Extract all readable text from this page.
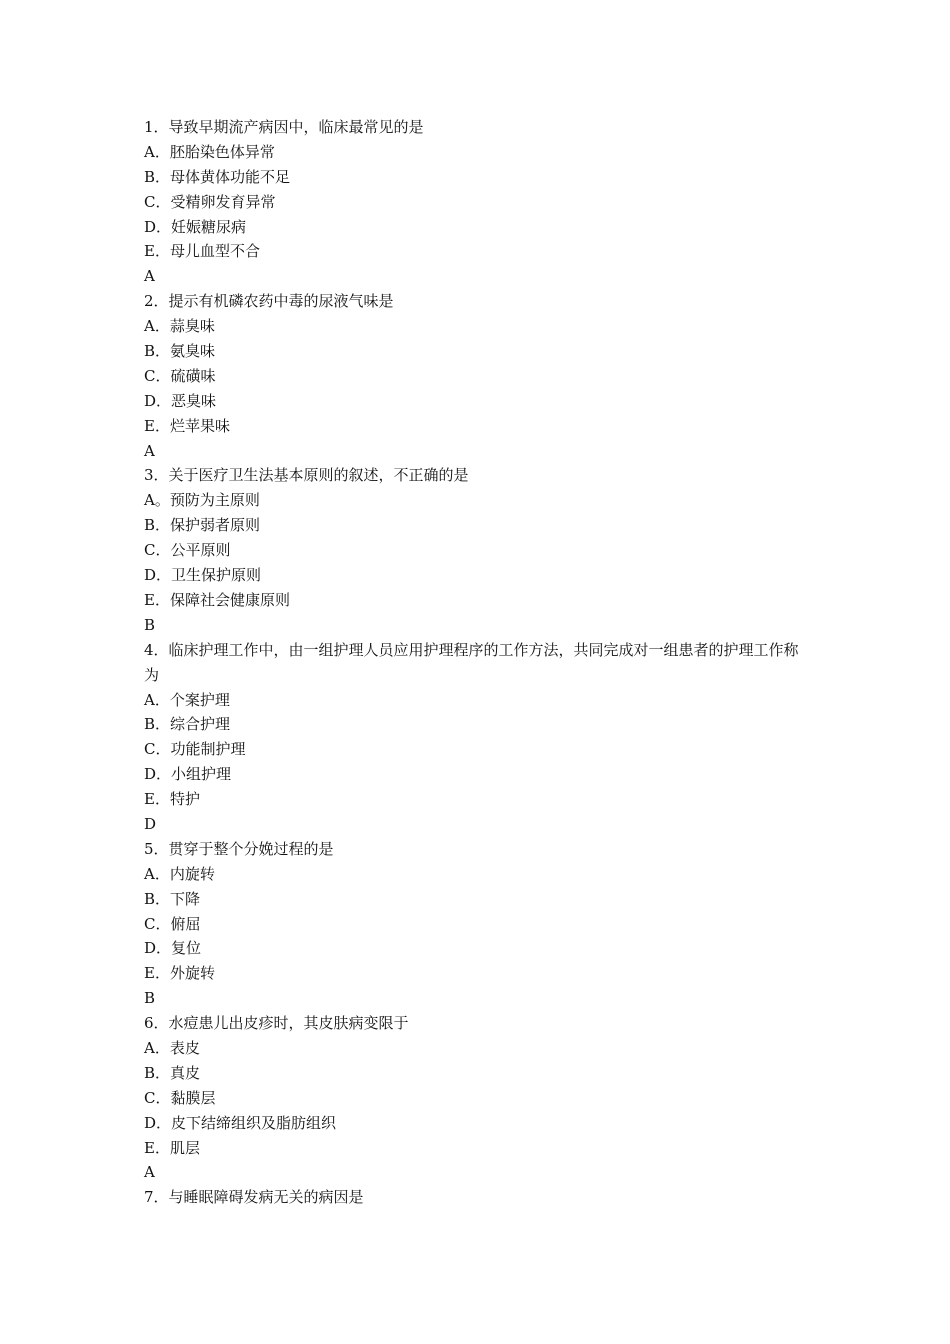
1．导致早期流产病因中，临床最常见的是
A．胚胎染色体异常
B．母体黄体功能不足
C．受精卵发育异常
D．妊娠糖尿病
E．母儿血型不合
A
2．提示有机磷农药中毒的尿液气味是
A．蒜臭味
B．氨臭味
C．硫磺味
D．恶臭味
E．烂苹果味
A
3．关于医疗卫生法基本原则的叙述，不正确的是
A。预防为主原则
B．保护弱者原则
C．公平原则
D．卫生保护原则
E．保障社会健康原则
B
4．临床护理工作中，由一组护理人员应用护理程序的工作方法，共同完成对一组患者的护理工作称为
A．个案护理
B．综合护理
C．功能制护理
D．小组护理
E．特护
D
5．贯穿于整个分娩过程的是
A．内旋转
B．下降
C．俯屈
D．复位
E．外旋转
B
6．水痘患儿出皮疹时，其皮肤病变限于
A．表皮
B．真皮
C．黏膜层
D．皮下结缔组织及脂肪组织
E．肌层
A
7．与睡眠障碍发病无关的病因是
